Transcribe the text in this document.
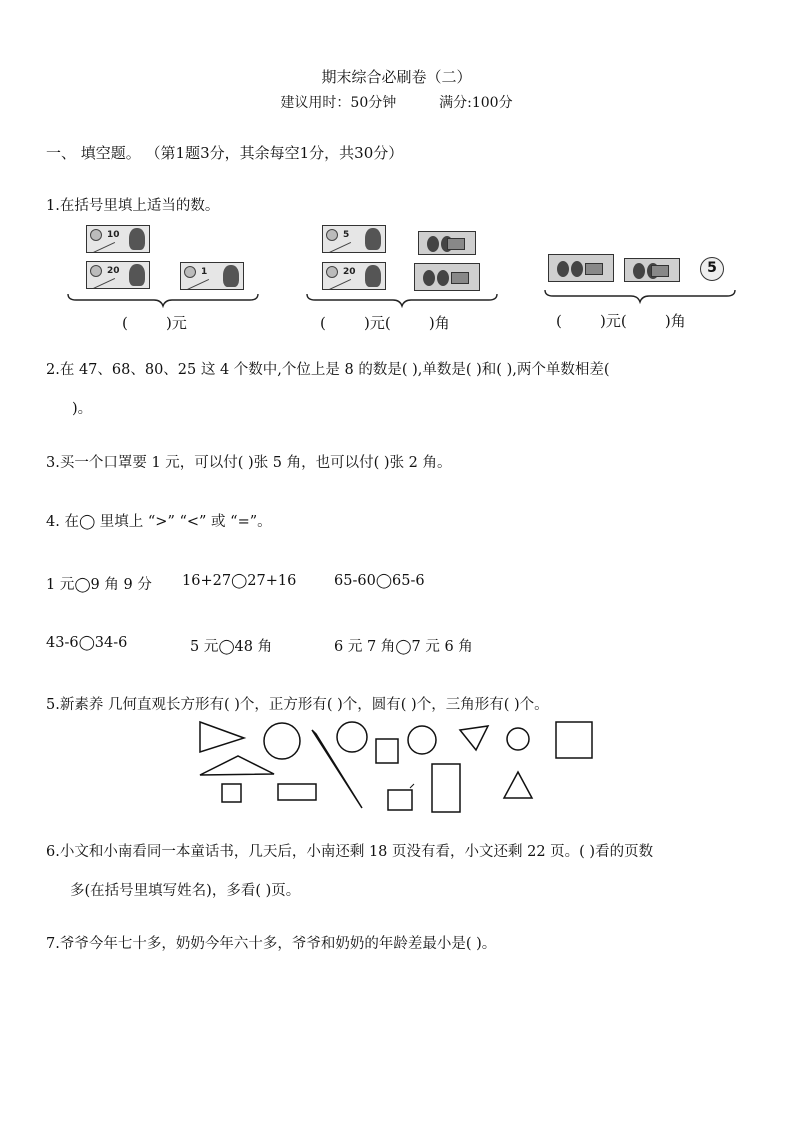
期末综合必刷卷（二）
建议用时：50分钟	满分:100分
一、 填空题。 （第1题3分，其余每空1分，共30分）
1.在括号里填上适当的数。
10
20	1
(        )元
5
20
(        )元(        )角
5
(        )元(        )角
2.在 47、68、80、25 这 4 个数中,个位上是 8 的数是( ),单数是( )和( ),两个单数相差(
)。
3.买一个口罩要 1 元，可以付( )张 5 角，也可以付( )张 2 角。
4. 在◯ 里填上 “>” “<” 或 “=”。
1 元◯9 角 9 分 16+27◯27+16	65-60◯65-6
43-6◯34-6	5 元◯48 角	6 元 7 角◯7 元 6 角
5.新素养 几何直观长方形有( )个，正方形有( )个，圆有( )个，三角形有( )个。
6.小文和小南看同一本童话书，几天后，小南还剩 18 页没有看，小文还剩 22 页。( )看的页数
多(在括号里填写姓名)，多看( )页。
7.爷爷今年七十多，奶奶今年六十多，爷爷和奶奶的年龄差最小是( )。
